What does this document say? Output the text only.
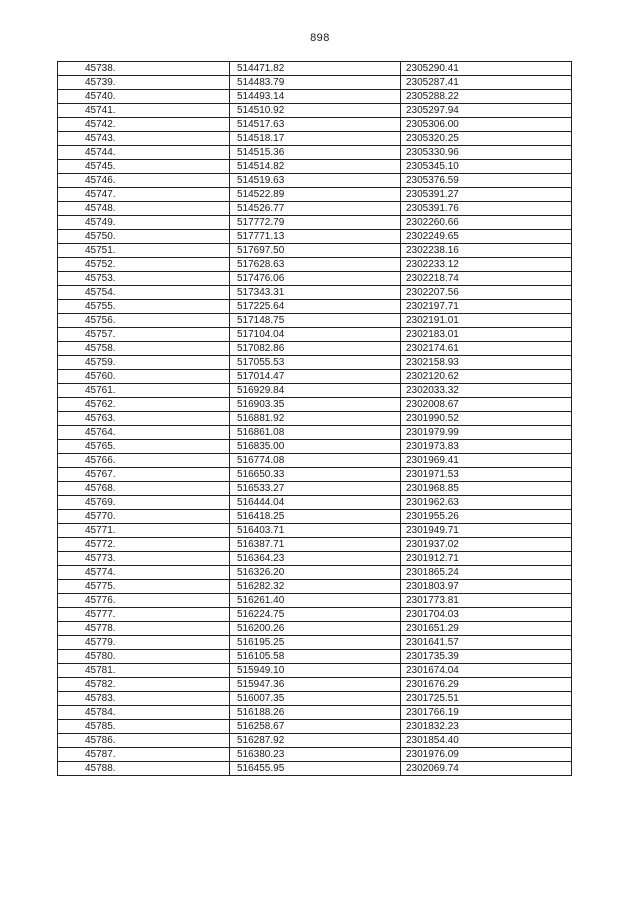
898
45738.	514471.82	2305290.41
45739.	514483.79	2305287.41
45740.	514493.14	2305288.22
45741.	514510.92	2305297.94
45742.	514517.63	2305306.00
45743.	514518.17	2305320.25
45744.	514515.36	2305330.96
45745.	514514.82	2305345.10
45746.	514519.63	2305376.59
45747.	514522.89	2305391.27
45748.	514526.77	2305391.76
45749.	517772.79	2302260.66
45750.	517771.13	2302249.65
45751.	517697.50	2302238.16
45752.	517628.63	2302233.12
45753.	517476.06	2302218.74
45754.	517343.31	2302207.56
45755.	517225.64	2302197.71
45756.	517148.75	2302191.01
45757.	517104.04	2302183.01
45758.	517082.86	2302174.61
45759.	517055.53	2302158.93
45760.	517014.47	2302120.62
45761.	516929.84	2302033.32
45762.	516903.35	2302008.67
45763.	516881.92	2301990.52
45764.	516861.08	2301979.99
45765.	516835.00	2301973.83
45766.	516774.08	2301969.41
45767.	516650.33	2301971.53
45768.	516533.27	2301968.85
45769.	516444.04	2301962.63
45770.	516418.25	2301955.26
45771.	516403.71	2301949.71
45772.	516387.71	2301937.02
45773.	516364.23	2301912.71
45774.	516326.20	2301865.24
45775.	516282.32	2301803.97
45776.	516261.40	2301773.81
45777.	516224.75	2301704.03
45778.	516200.26	2301651.29
45779.	516195.25	2301641.57
45780.	516105.58	2301735.39
45781.	515949.10	2301674.04
45782.	515947.36	2301676.29
45783.	516007.35	2301725.51
45784.	516188.26	2301766.19
45785.	516258.67	2301832.23
45786.	516287.92	2301854.40
45787.	516380.23	2301976.09
45788.	516455.95	2302069.74
